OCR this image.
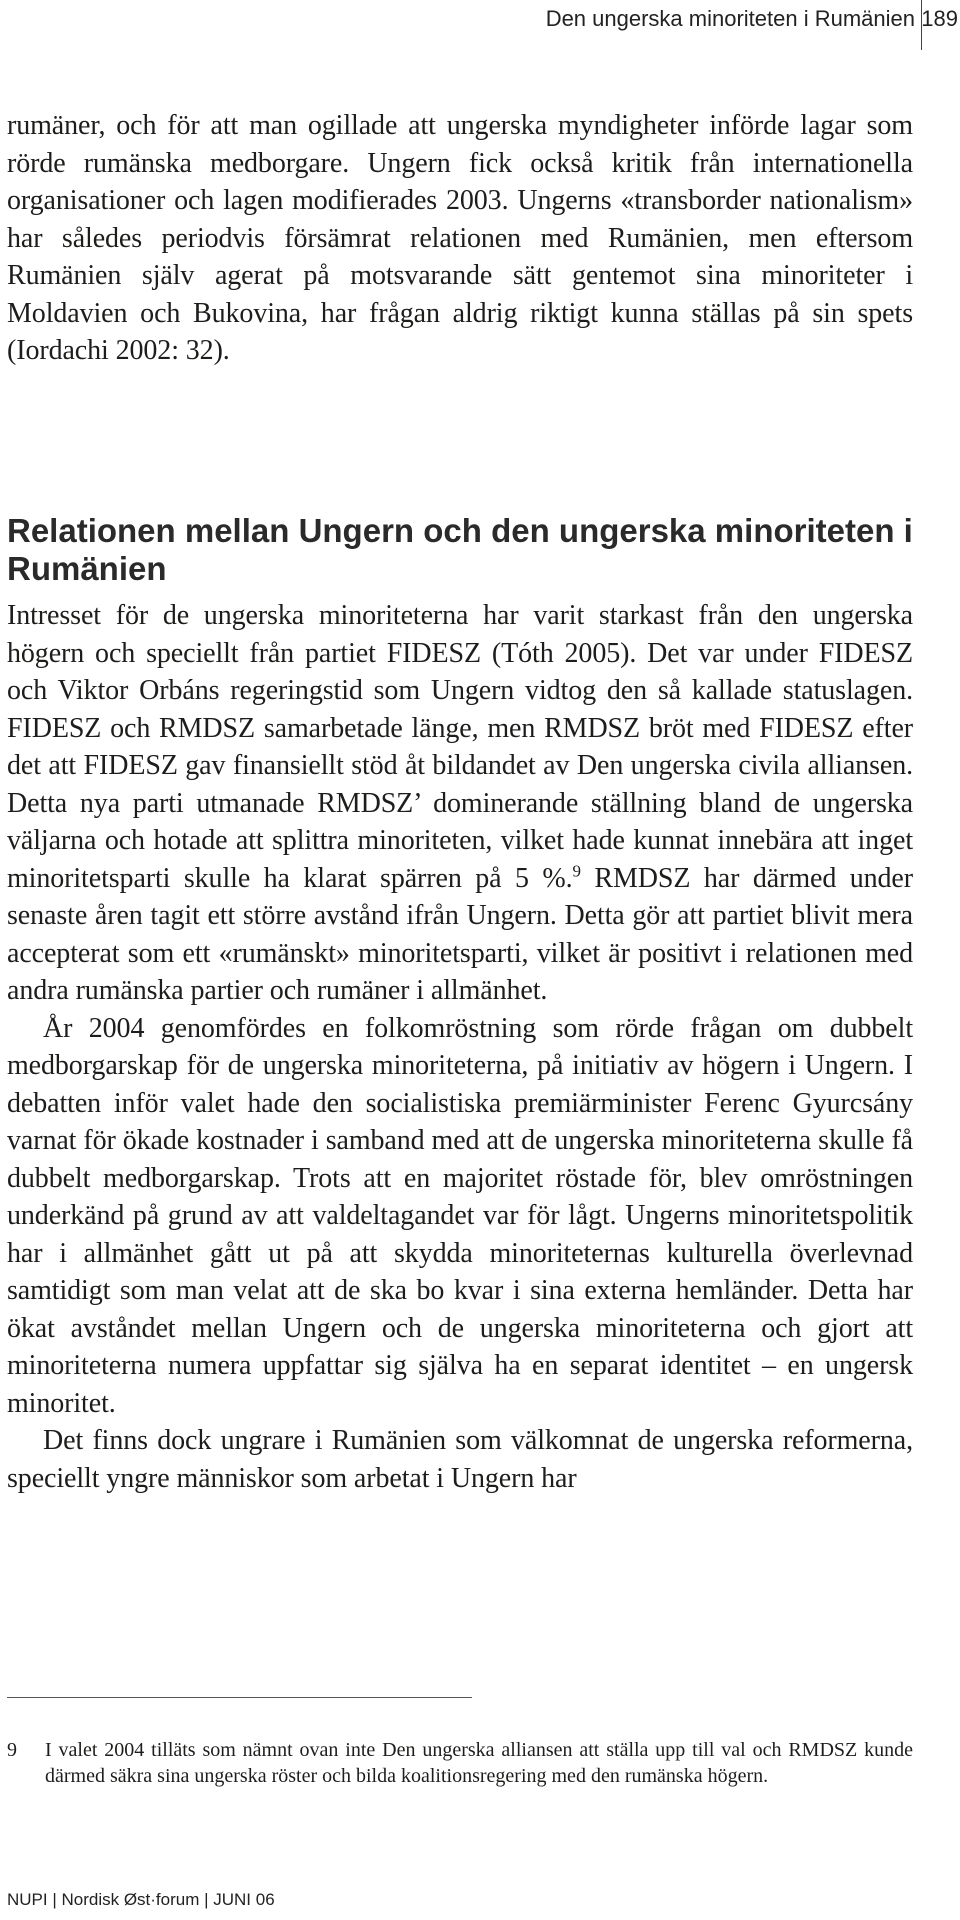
Den ungerska minoriteten i Rumänien 189

rumäner, och för att man ogillade att ungerska myndigheter införde lagar som rörde rumänska medborgare. Ungern fick också kritik från internationella organisationer och lagen modifierades 2003. Ungerns «transborder nationalism» har således periodvis försämrat relationen med Rumänien, men eftersom Rumänien själv agerat på motsvarande sätt gentemot sina minoriteter i Moldavien och Bukovina, har frågan aldrig riktigt kunna ställas på sin spets (Iordachi 2002: 32).

Relationen mellan Ungern och den ungerska minoriteten i Rumänien

Intresset för de ungerska minoriteterna har varit starkast från den ungerska högern och speciellt från partiet FIDESZ (Tóth 2005). Det var under FIDESZ och Viktor Orbáns regeringstid som Ungern vidtog den så kallade statuslagen. FIDESZ och RMDSZ samarbetade länge, men RMDSZ bröt med FIDESZ efter det att FIDESZ gav finansiellt stöd åt bildandet av Den ungerska civila alliansen. Detta nya parti utmanade RMDSZ’ dominerande ställning bland de ungerska väljarna och hotade att splittra minoriteten, vilket hade kunnat innebära att inget minoritetsparti skulle ha klarat spärren på 5 %.$^9$ RMDSZ har därmed under senaste åren tagit ett större avstånd ifrån Ungern. Detta gör att partiet blivit mera accepterat som ett «rumänskt» minoritetsparti, vilket är positivt i relationen med andra rumänska partier och rumäner i allmänhet.

År 2004 genomfördes en folkomröstning som rörde frågan om dubbelt medborgarskap för de ungerska minoriteterna, på initiativ av högern i Ungern. I debatten inför valet hade den socialistiska premiärminister Ferenc Gyurcsány varnat för ökade kostnader i samband med att de ungerska minoriteterna skulle få dubbelt medborgarskap. Trots att en majoritet röstade för, blev omröstningen underkänd på grund av att valdeltagandet var för lågt. Ungerns minoritetspolitik har i allmänhet gått ut på att skydda minoriteternas kulturella överlevnad samtidigt som man velat att de ska bo kvar i sina externa hemländer. Detta har ökat avståndet mellan Ungern och de ungerska minoriteterna och gjort att minoriteterna numera uppfattar sig själva ha en separat identitet – en ungersk minoritet.

Det finns dock ungrare i Rumänien som välkomnat de ungerska reformerna, speciellt yngre människor som arbetat i Ungern har

9 I valet 2004 tilläts som nämnt ovan inte Den ungerska alliansen att ställa upp till val och RMDSZ kunde därmed säkra sina ungerska röster och bilda koalitionsregering med den rumänska högern.
NUPI | Nordisk Øst·forum | JUNI 06
